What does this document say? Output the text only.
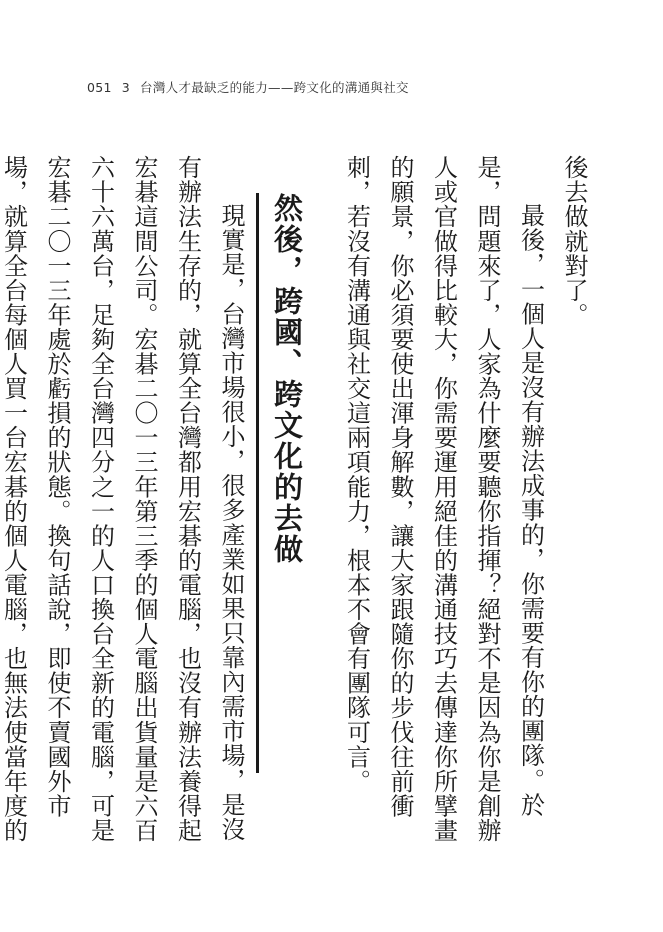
051 3 台灣人才最缺乏的能力——跨文化的溝通與社交

後去做就對了。

最後，一個人是沒有辦法成事的，你需要有你的團隊。於是，問題來了，人家為什麼要聽你指揮？絕對不是因為你是創辦人或官做得比較大，你需要運用絕佳的溝通技巧去傳達你所擘畫的願景，你必須要使出渾身解數，讓大家跟隨你的步伐往前衝刺，若沒有溝通與社交這兩項能力，根本不會有團隊可言。

然後，跨國、跨文化的去做

現實是，台灣市場很小，很多產業如果只靠內需市場，是沒有辦法生存的，就算全台灣都用宏碁的電腦，也沒有辦法養得起宏碁這間公司。宏碁二〇一三年第三季的個人電腦出貨量是六百六十六萬台，足夠全台灣四分之一的人口換台全新的電腦，可是宏碁二〇一三年處於虧損的狀態。換句話說，即使不賣國外市場，就算全台每個人買一台宏碁的個人電腦，也無法使當年度的
